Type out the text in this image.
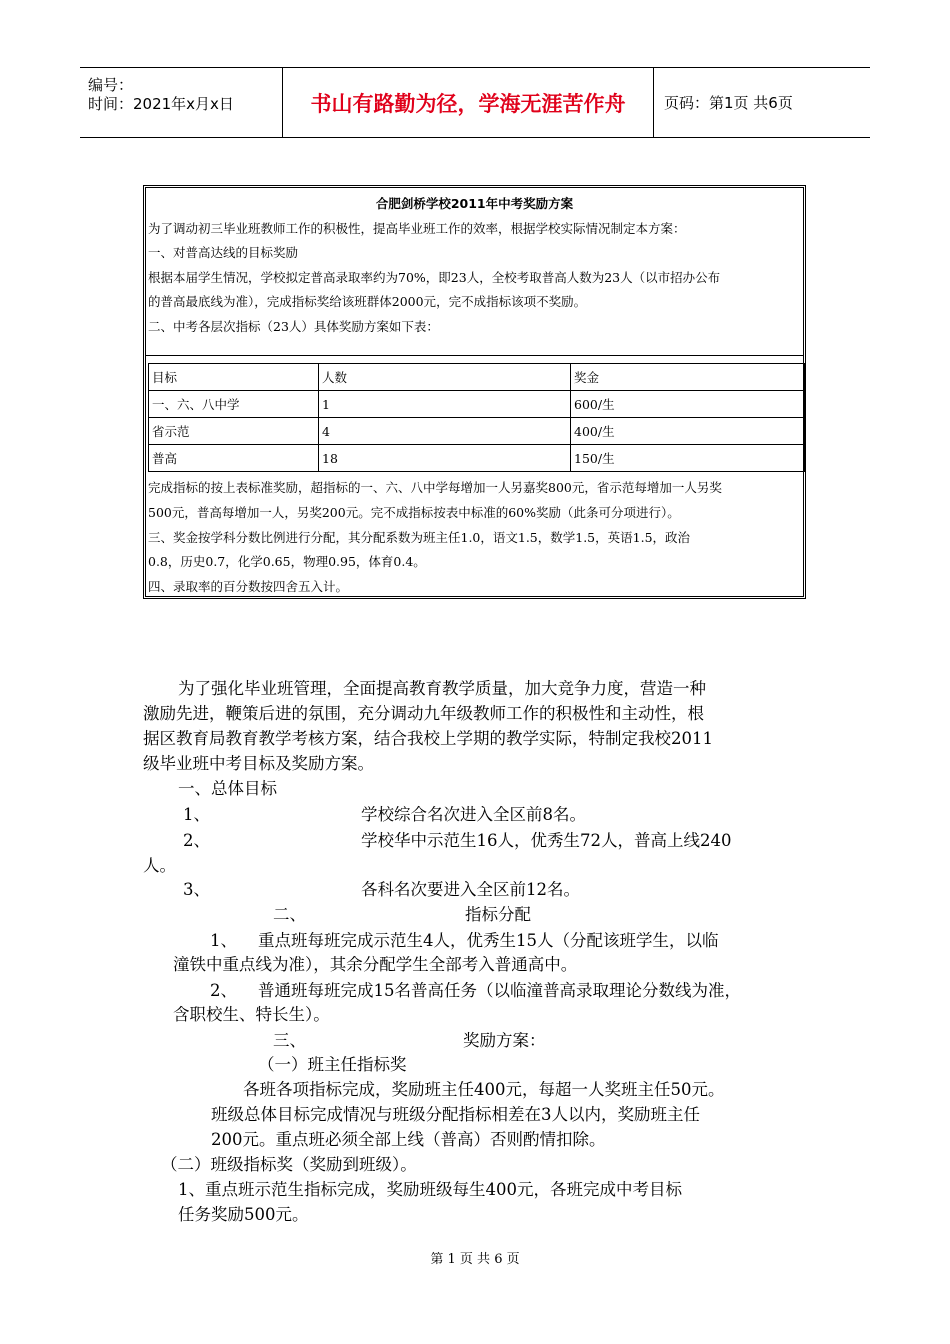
编号：
时间：2021年x月x日	书山有路勤为径，学海无涯苦作舟	页码：第1页 共6页
合肥剑桥学校2011年中考奖励方案
为了调动初三毕业班教师工作的积极性，提高毕业班工作的效率，根据学校实际情况制定本方案：
一、对普高达线的目标奖励
根据本届学生情况，学校拟定普高录取率约为70%，即23人，全校考取普高人数为23人（以市招办公布
的普高最底线为准），完成指标奖给该班群体2000元，完不成指标该项不奖励。
二、中考各层次指标（23人）具体奖励方案如下表：
目标	人数	奖金
一、六、八中学	1	600/生
省示范	4	400/生
普高	18	150/生
完成指标的按上表标准奖励，超指标的一、六、八中学每增加一人另嘉奖800元，省示范每增加一人另奖
500元，普高每增加一人，另奖200元。完不成指标按表中标准的60%奖励（此条可分项进行）。
三、奖金按学科分数比例进行分配，其分配系数为班主任1.0，语文1.5，数学1.5，英语1.5，政治
0.8，历史0.7，化学0.65，物理0.95，体育0.4。
四、录取率的百分数按四舍五入计。
为了强化毕业班管理，全面提高教育教学质量，加大竞争力度，营造一种
激励先进，鞭策后进的氛围，充分调动九年级教师工作的积极性和主动性，根
据区教育局教育教学考核方案，结合我校上学期的教学实际，特制定我校2011
级毕业班中考目标及奖励方案。
一、总体目标
1、	学校综合名次进入全区前8名。
2、	学校华中示范生16人，优秀生72人，普高上线240
人。
3、	各科名次要进入全区前12名。
二、	指标分配
1、 重点班每班完成示范生4人，优秀生15人（分配该班学生，以临
潼铁中重点线为准），其余分配学生全部考入普通高中。
2、 普通班每班完成15名普高任务（以临潼普高录取理论分数线为准，
含职校生、特长生）。
三、	奖励方案：
（一）班主任指标奖
各班各项指标完成，奖励班主任400元，每超一人奖班主任50元。
班级总体目标完成情况与班级分配指标相差在3人以内，奖励班主任
200元。重点班必须全部上线（普高）否则酌情扣除。
（二）班级指标奖（奖励到班级）。
1、重点班示范生指标完成，奖励班级每生400元，各班完成中考目标
任务奖励500元。
第 1 页 共 6 页
